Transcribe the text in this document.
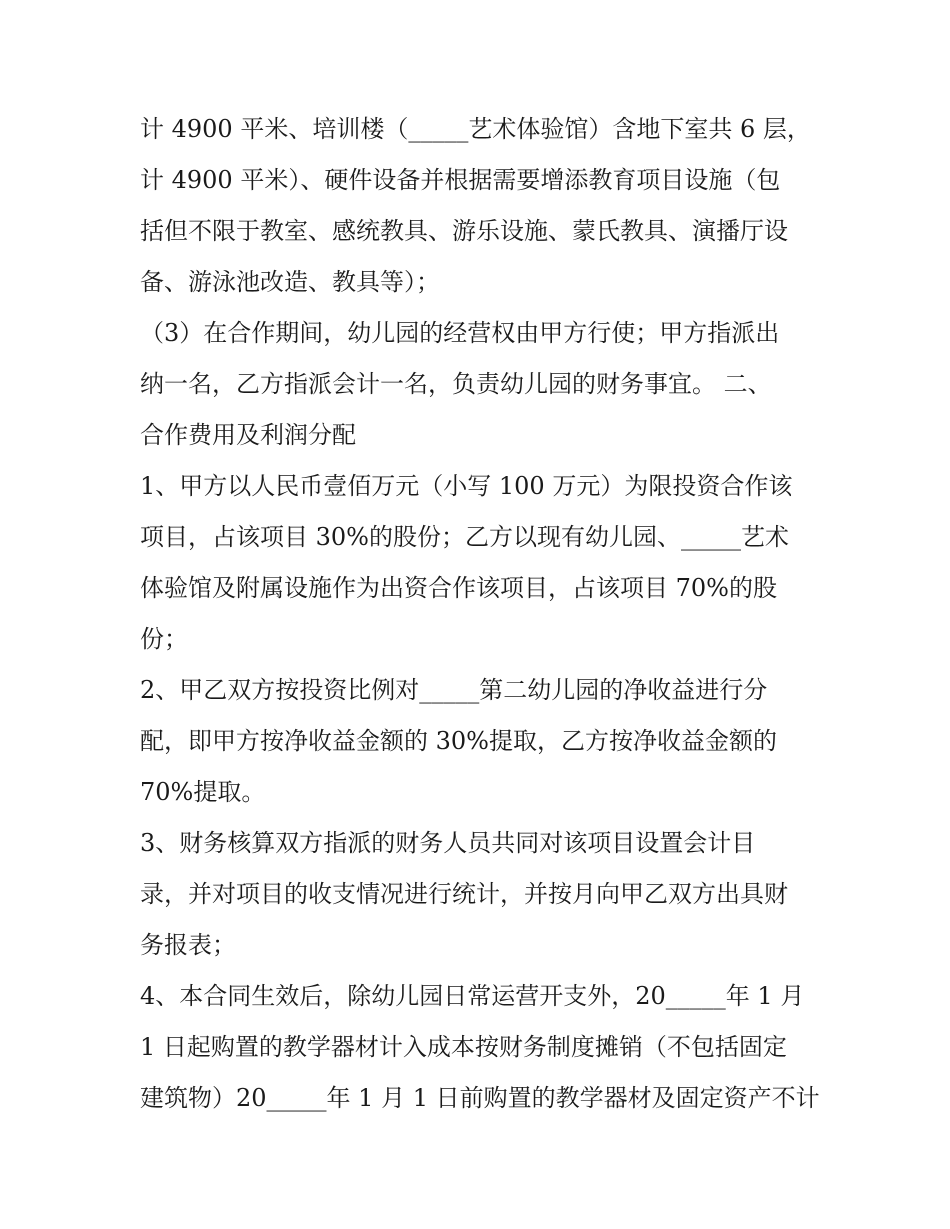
计 4900 平米、培训楼（_____艺术体验馆）含地下室共 6 层，
计 4900 平米）、硬件设备并根据需要增添教育项目设施（包
括但不限于教室、感统教具、游乐设施、蒙氏教具、演播厅设
备、游泳池改造、教具等）；
（3）在合作期间，幼儿园的经营权由甲方行使；甲方指派出
纳一名，乙方指派会计一名，负责幼儿园的财务事宜。 二、
合作费用及利润分配
1、甲方以人民币壹佰万元（小写 100 万元）为限投资合作该
项目，占该项目 30%的股份；乙方以现有幼儿园、_____艺术
体验馆及附属设施作为出资合作该项目，占该项目 70%的股
份；
2、甲乙双方按投资比例对_____第二幼儿园的净收益进行分
配，即甲方按净收益金额的 30%提取，乙方按净收益金额的
70%提取。
3、财务核算双方指派的财务人员共同对该项目设置会计目
录，并对项目的收支情况进行统计，并按月向甲乙双方出具财
务报表；
4、本合同生效后，除幼儿园日常运营开支外，20_____年 1 月
1 日起购置的教学器材计入成本按财务制度摊销（不包括固定
建筑物）20_____年 1 月 1 日前购置的教学器材及固定资产不计
